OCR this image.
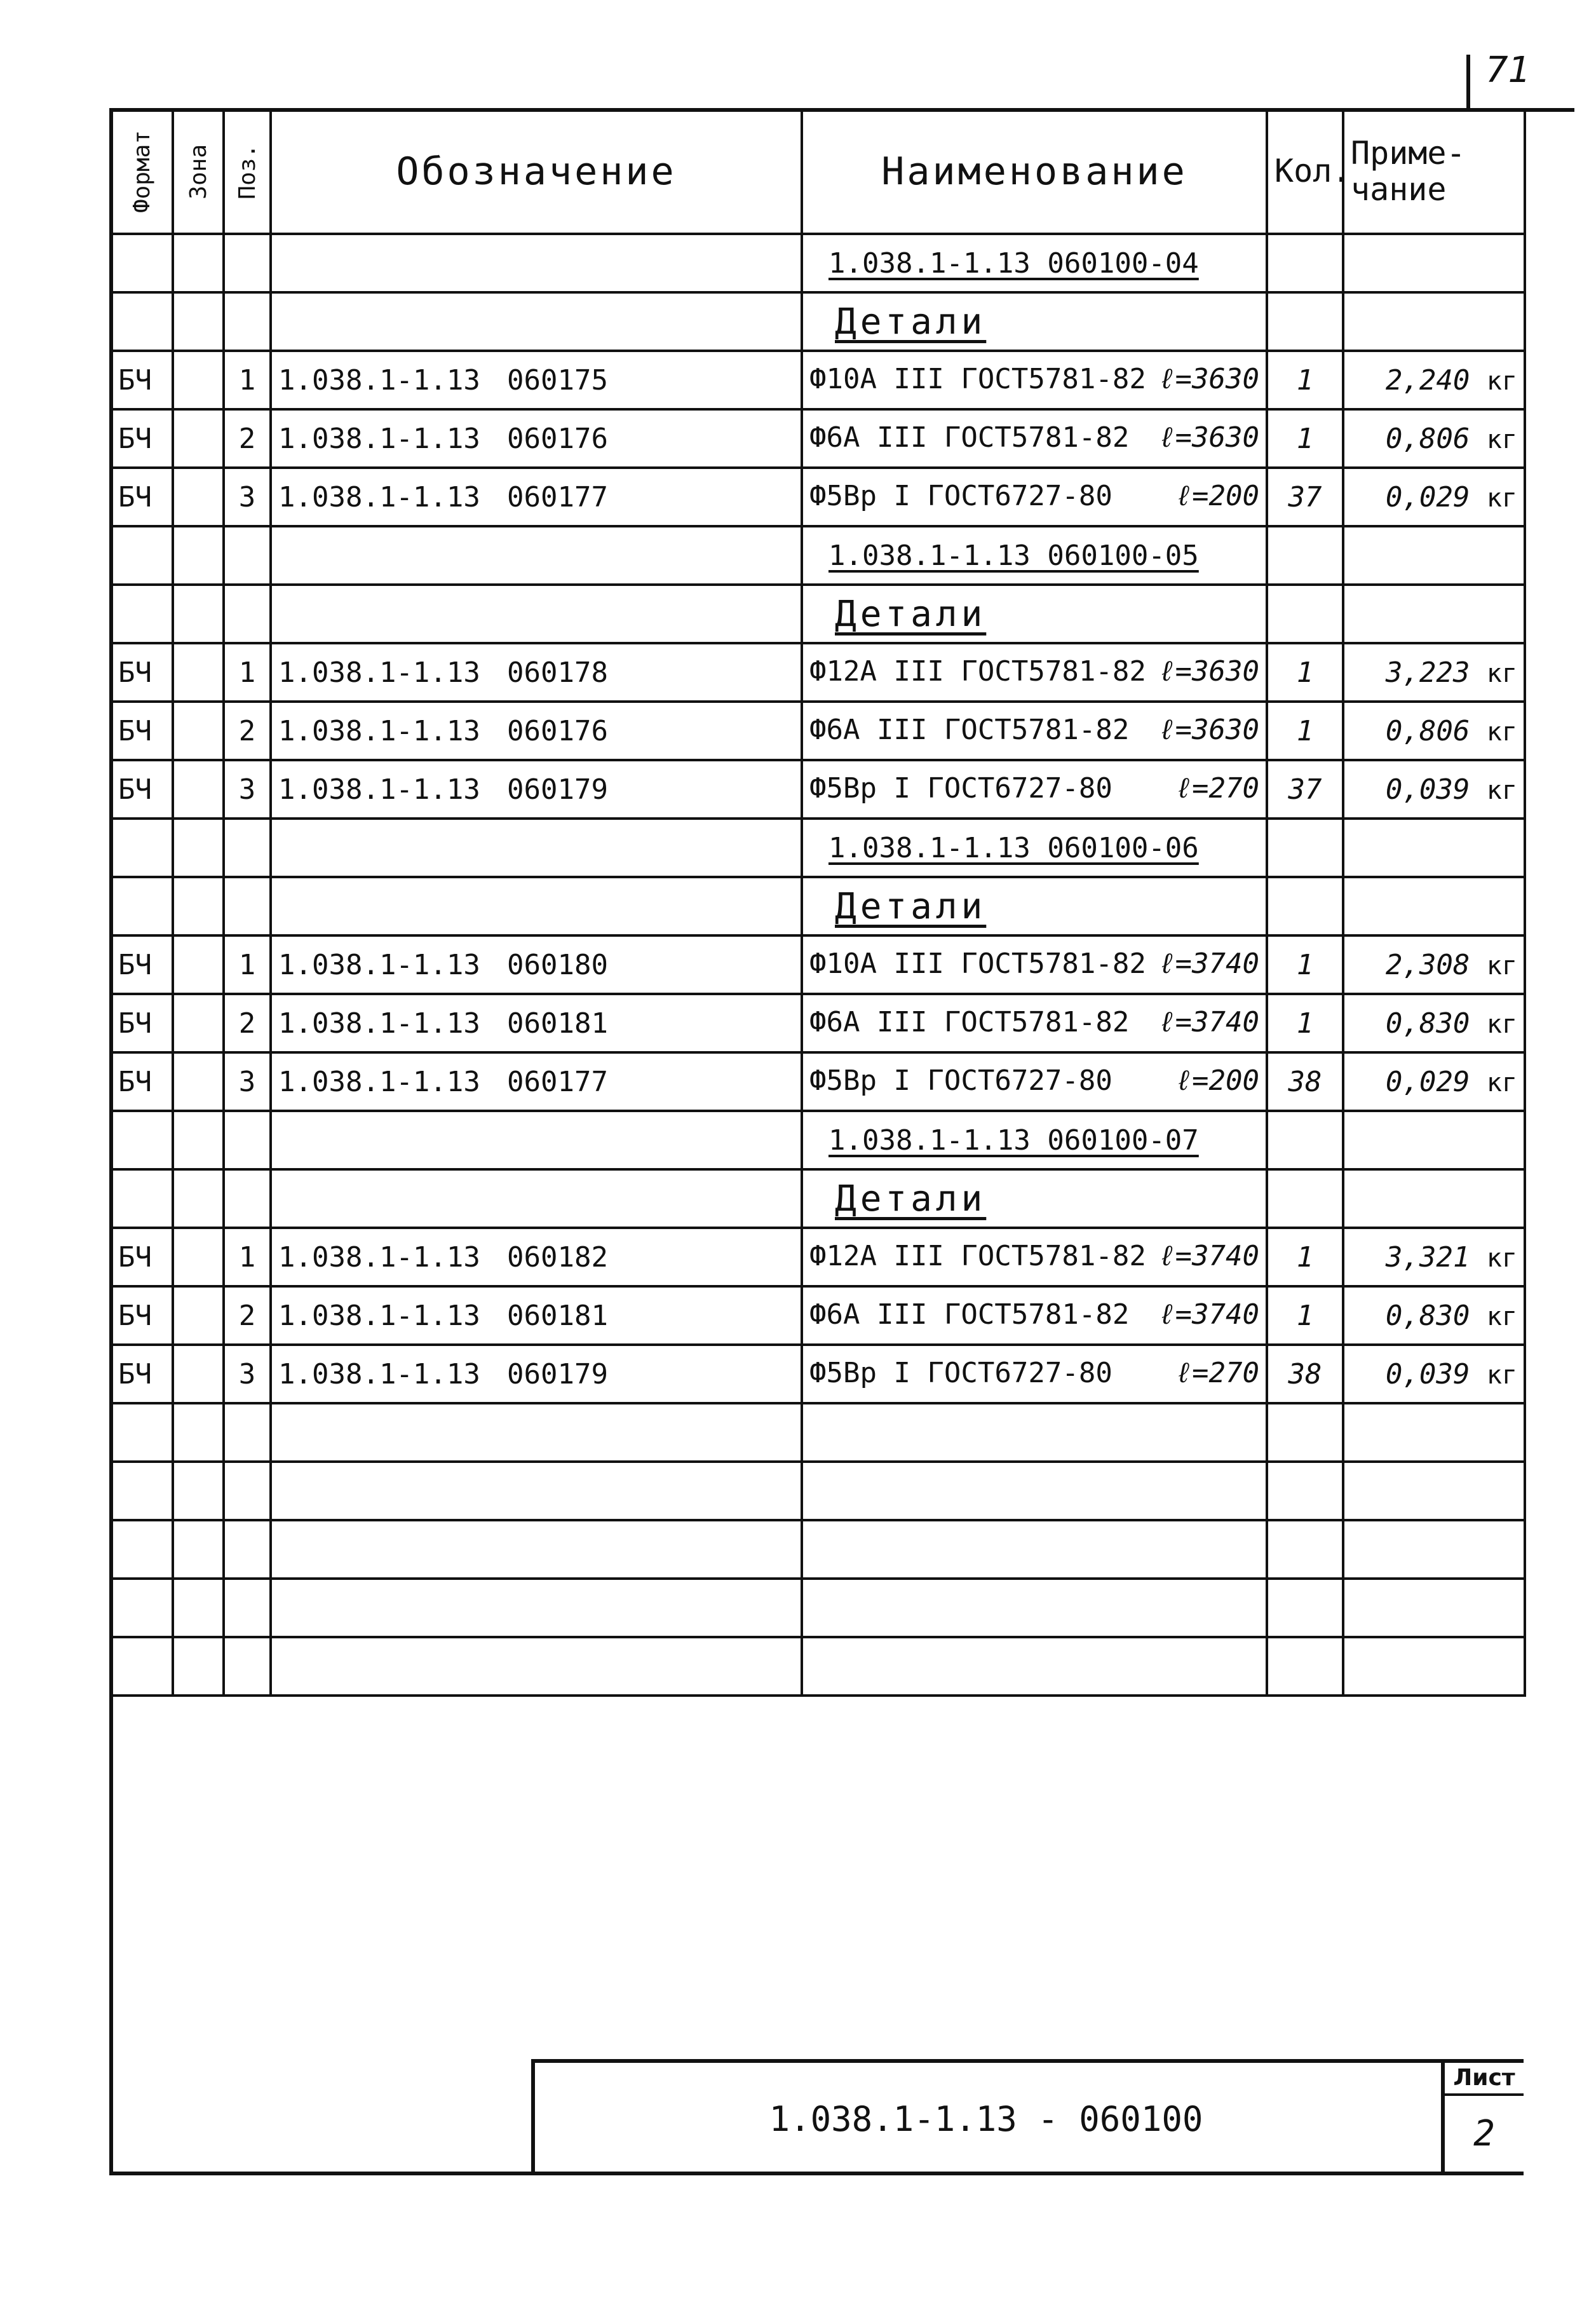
71
Формат	Зона	Поз.	Обозначение	Наименование	Кол.	Приме-чание
				1.038.1-1.13 060100-04		
				Детали		
БЧ		1	1.038.1-1.13 060175	Ф10А III ГОСТ5781-82 ℓ=3630	1	2,240 кг
БЧ		2	1.038.1-1.13 060176	Ф6А III ГОСТ5781-82 ℓ=3630	1	0,806 кг
БЧ		3	1.038.1-1.13 060177	Ф5Вр I ГОСТ6727-80 ℓ=200	37	0,029 кг
				1.038.1-1.13 060100-05		
				Детали		
БЧ		1	1.038.1-1.13 060178	Ф12А III ГОСТ5781-82 ℓ=3630	1	3,223 кг
БЧ		2	1.038.1-1.13 060176	Ф6А III ГОСТ5781-82 ℓ=3630	1	0,806 кг
БЧ		3	1.038.1-1.13 060179	Ф5Вр I ГОСТ6727-80 ℓ=270	37	0,039 кг
				1.038.1-1.13 060100-06		
				Детали		
БЧ		1	1.038.1-1.13 060180	Ф10А III ГОСТ5781-82 ℓ=3740	1	2,308 кг
БЧ		2	1.038.1-1.13 060181	Ф6А III ГОСТ5781-82 ℓ=3740	1	0,830 кг
БЧ		3	1.038.1-1.13 060177	Ф5Вр I ГОСТ6727-80 ℓ=200	38	0,029 кг
				1.038.1-1.13 060100-07		
				Детали		
БЧ		1	1.038.1-1.13 060182	Ф12А III ГОСТ5781-82 ℓ=3740	1	3,321 кг
БЧ		2	1.038.1-1.13 060181	Ф6А III ГОСТ5781-82 ℓ=3740	1	0,830 кг
БЧ		3	1.038.1-1.13 060179	Ф5Вр I ГОСТ6727-80 ℓ=270	38	0,039 кг

1.038.1-1.13 - 060100
Лист
2
